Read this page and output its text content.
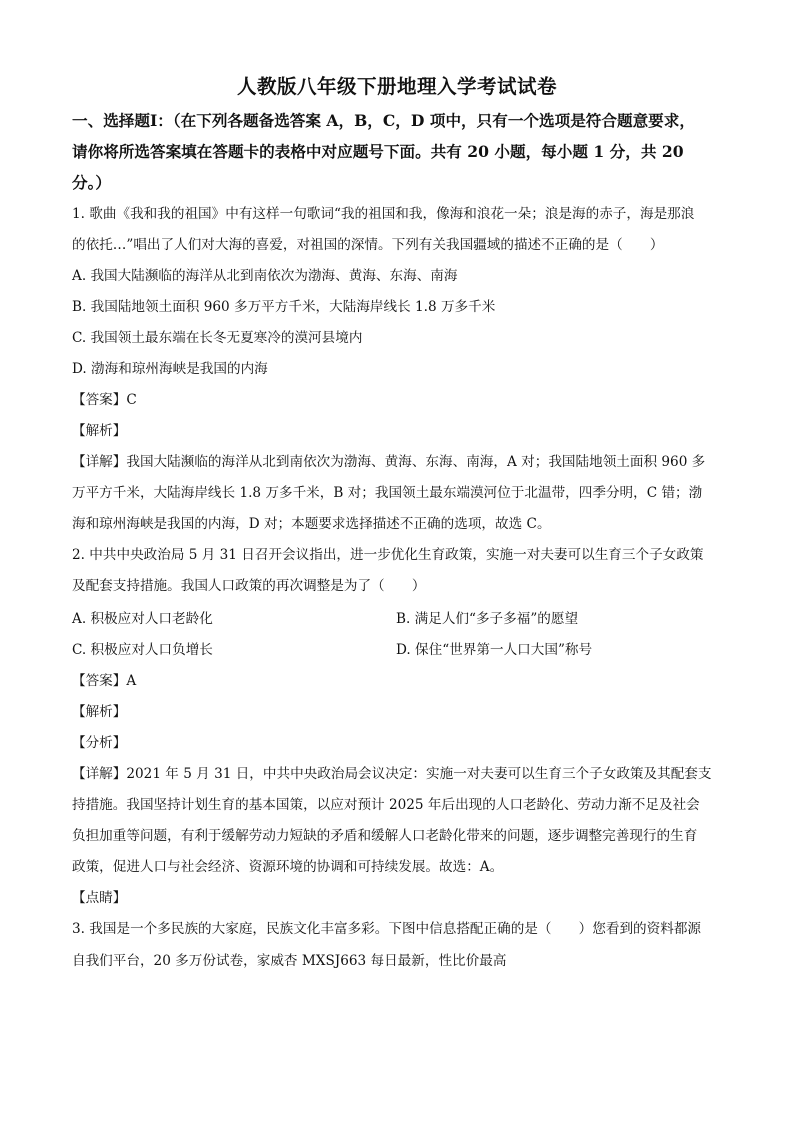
人教版八年级下册地理入学考试试卷
一、选择题Ⅰ：（在下列各题备选答案 A，B，C，D 项中，只有一个选项是符合题意要求，
请你将所选答案填在答题卡的表格中对应题号下面。共有 20 小题，每小题 1 分，共 20
分。）
1. 歌曲《我和我的祖国》中有这样一句歌词“我的祖国和我，像海和浪花一朵；浪是海的赤子，海是那浪
的依托…”唱出了人们对大海的喜爱，对祖国的深情。下列有关我国疆域的描述不正确的是（　　）
A. 我国大陆濒临的海洋从北到南依次为渤海、黄海、东海、南海
B. 我国陆地领土面积 960 多万平方千米，大陆海岸线长 1.8 万多千米
C. 我国领土最东端在长冬无夏寒冷的漠河县境内
D. 渤海和琼州海峡是我国的内海
【答案】C
【解析】
【详解】我国大陆濒临的海洋从北到南依次为渤海、黄海、东海、南海，A 对；我国陆地领土面积 960 多
万平方千米，大陆海岸线长 1.8 万多千米，B 对；我国领土最东端漠河位于北温带，四季分明，C 错；渤
海和琼州海峡是我国的内海，D 对；本题要求选择描述不正确的选项，故选 C。
2. 中共中央政治局 5 月 31 日召开会议指出，进一步优化生育政策，实施一对夫妻可以生育三个子女政策
及配套支持措施。我国人口政策的再次调整是为了（　　）
A. 积极应对人口老龄化	B. 满足人们“多子多福”的愿望
C. 积极应对人口负增长	D. 保住“世界第一人口大国”称号
【答案】A
【解析】
【分析】
【详解】2021 年 5 月 31 日，中共中央政治局会议决定：实施一对夫妻可以生育三个子女政策及其配套支
持措施。我国坚持计划生育的基本国策，以应对预计 2025 年后出现的人口老龄化、劳动力渐不足及社会
负担加重等问题，有利于缓解劳动力短缺的矛盾和缓解人口老龄化带来的问题，逐步调整完善现行的生育
政策，促进人口与社会经济、资源环境的协调和可持续发展。故选：A。
【点睛】
3. 我国是一个多民族的大家庭，民族文化丰富多彩。下图中信息搭配正确的是（　　）您看到的资料都源
自我们平台，20 多万份试卷，家威杏 MXSJ663 每日最新，性比价最高
